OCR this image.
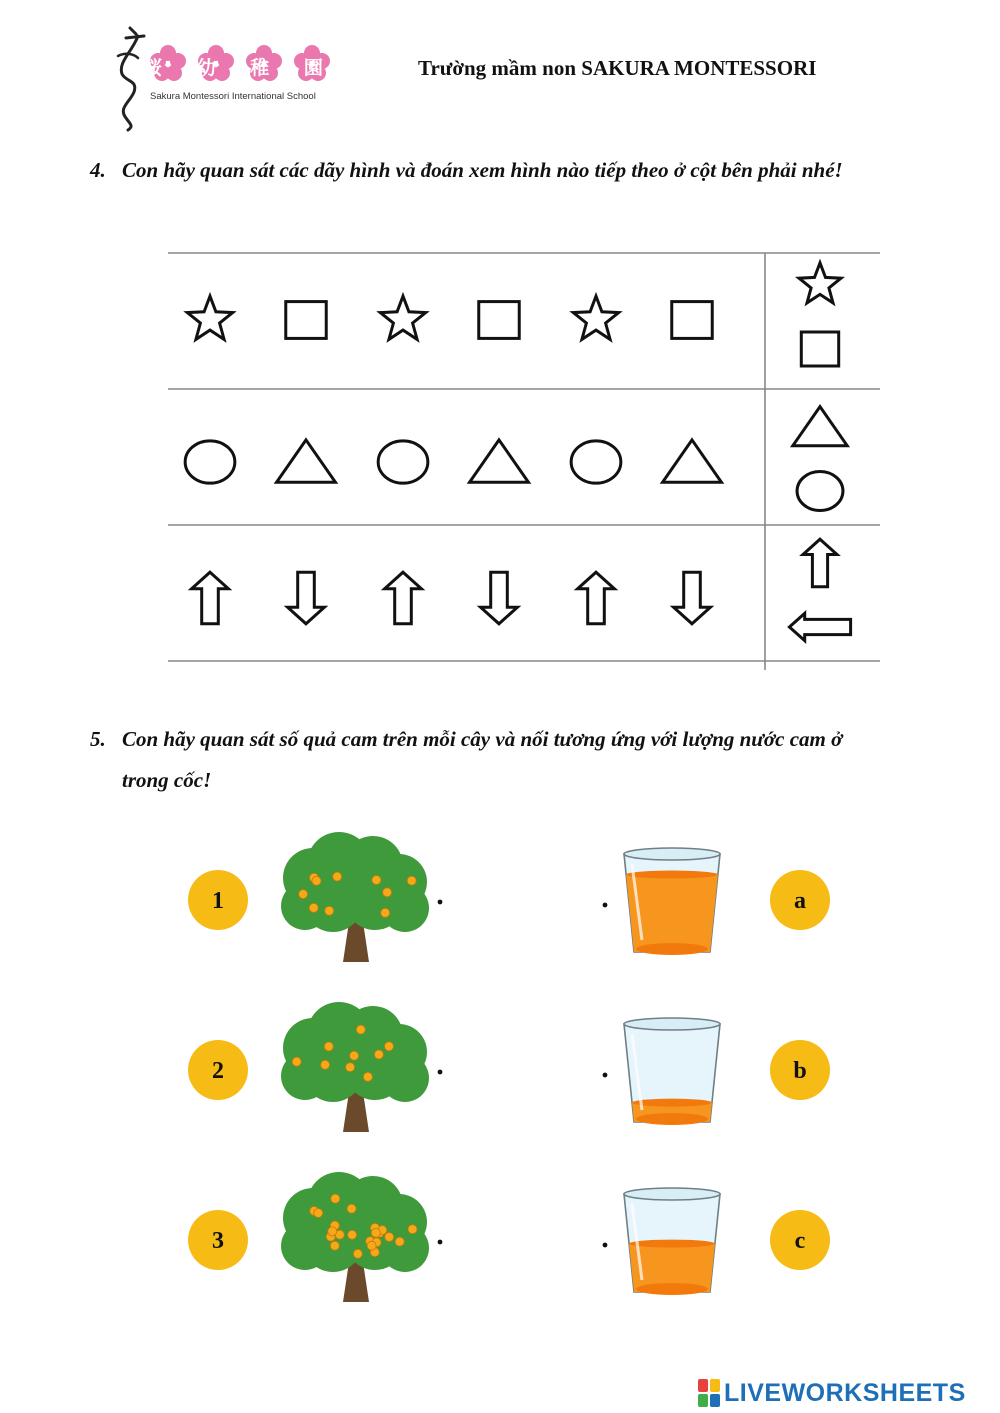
桜 幼 稚 園
Sakura Montessori International School
Trường mầm non SAKURA MONTESSORI
4. Con hãy quan sát các dãy hình và đoán xem hình nào tiếp theo ở cột bên phải nhé!
5. Con hãy quan sát số quả cam trên mỗi cây và nối tương ứng với lượng nước cam ở trong cốc!
1
2
3
a
b
c
LIVEWORKSHEETS
